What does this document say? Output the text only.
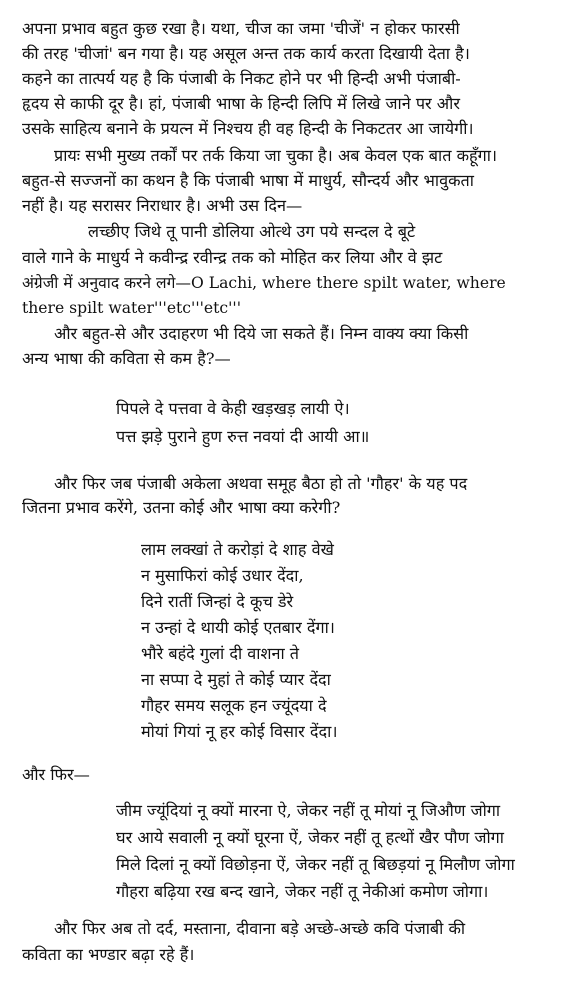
अपना प्रभाव बहुत कुछ रखा है। यथा, चीज का जमा 'चीजें' न होकर फारसी
की तरह 'चीजां' बन गया है। यह असूल अन्त तक कार्य करता दिखायी देता है।
कहने का तात्पर्य यह है कि पंजाबी के निकट होने पर भी हिन्दी अभी पंजाबी-
हृदय से काफी दूर है। हां, पंजाबी भाषा के हिन्दी लिपि में लिखे जाने पर और
उसके साहित्य बनाने के प्रयत्न में निश्चय ही वह हिन्दी के निकटतर आ जायेगी।
प्रायः सभी मुख्य तर्कों पर तर्क किया जा चुका है। अब केवल एक बात कहूँगा।
बहुत-से सज्जनों का कथन है कि पंजाबी भाषा में माधुर्य, सौन्दर्य और भावुकता
नहीं है। यह सरासर निराधार है। अभी उस दिन—
लच्छीए जिथे तू पानी डोलिया ओत्थे उग पये सन्दल दे बूटे
वाले गाने के माधुर्य ने कवीन्द्र रवीन्द्र तक को मोहित कर लिया और वे झट
अंग्रेजी में अनुवाद करने लगे—O Lachi, where there spilt water, where
there spilt water'''etc'''etc'''
और बहुत-से और उदाहरण भी दिये जा सकते हैं। निम्न वाक्य क्या किसी
अन्य भाषा की कविता से कम है?—
पिपले दे पत्तवा वे केही खड़खड़ लायी ऐ।
पत्त झड़े पुराने हुण रुत्त नवयां दी आयी आ॥
और फिर जब पंजाबी अकेला अथवा समूह बैठा हो तो 'गौहर' के यह पद
जितना प्रभाव करेंगे, उतना कोई और भाषा क्या करेगी?
लाम लक्खां ते करोड़ां दे शाह वेखे
न मुसाफिरां कोई उधार देंदा,
दिने रातीं जिन्हां दे कूच डेरे
न उन्हां दे थायी कोई एतबार देंगा।
भौरे बहंदे गुलां दी वाशना ते
ना सप्पा दे मुहां ते कोई प्यार देंदा
गौहर समय सलूक हन ज्यूंदया दे
मोयां गियां नू हर कोई विसार देंदा।
और फिर—
जीम ज्यूंदियां नू क्यों मारना ऐ, जेकर नहीं तू मोयां नू जिऔण जोगा
घर आये सवाली नू क्यों घूरना ऐं, जेकर नहीं तू हत्थों खैर पौण जोगा
मिले दिलां नू क्यों विछोड़ना ऐं, जेकर नहीं तू बिछड़यां नू मिलौण जोगा
गौहरा बढ़िया रख बन्द खाने, जेकर नहीं तू नेकीआं कमोण जोगा।
और फिर अब तो दर्द, मस्ताना, दीवाना बड़े अच्छे-अच्छे कवि पंजाबी की
कविता का भण्डार बढ़ा रहे हैं।
